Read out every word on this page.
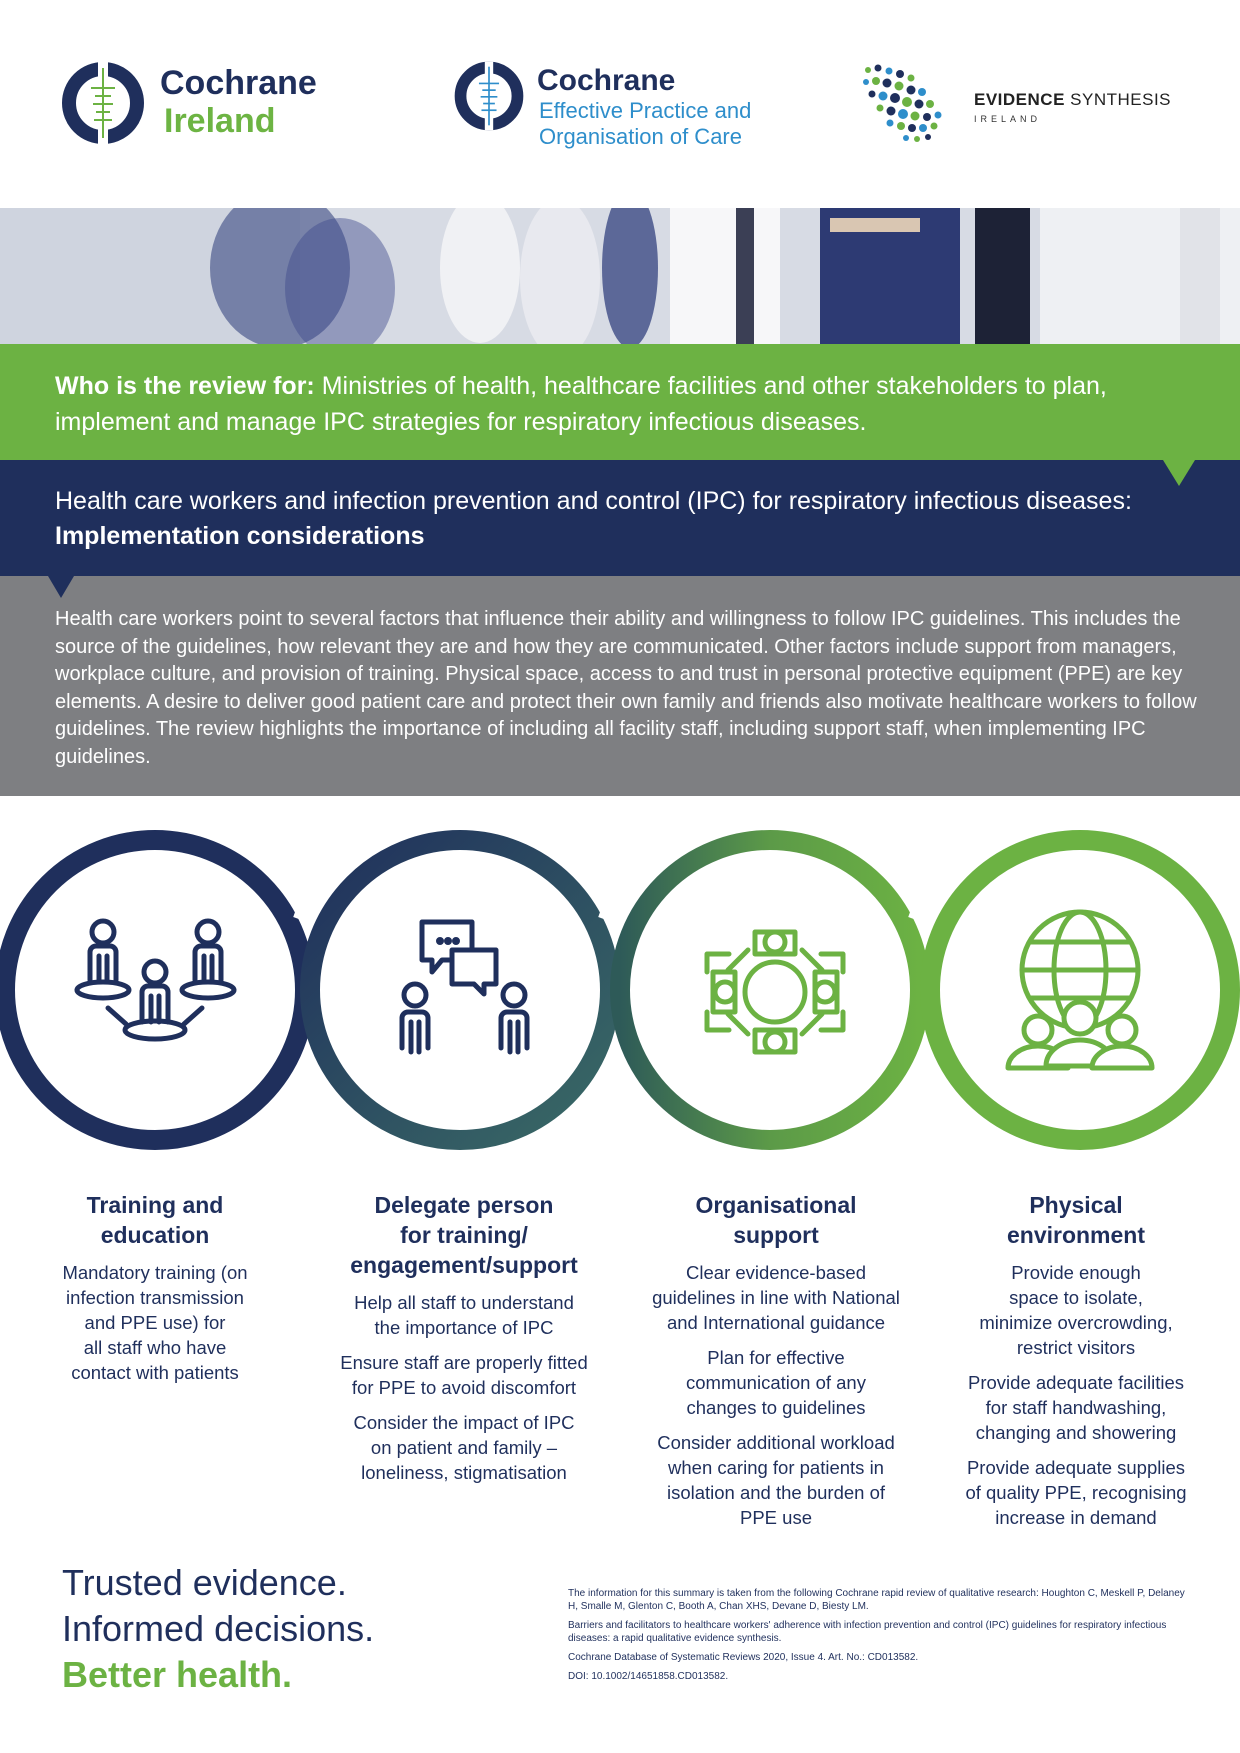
Cochrane
Ireland
Cochrane
Effective Practice and
Organisation of Care
EVIDENCE SYNTHESIS
IRELAND

Who is the review for: Ministries of health, healthcare facilities and other stakeholders to plan, implement and manage IPC strategies for respiratory infectious diseases.

Health care workers and infection prevention and control (IPC) for respiratory infectious diseases: Implementation considerations

Health care workers point to several factors that influence their ability and willingness to follow IPC guidelines. This includes the source of the guidelines, how relevant they are and how they are communicated. Other factors include support from managers, workplace culture, and provision of training. Physical space, access to and trust in personal protective equipment (PPE) are key elements. A desire to deliver good patient care and protect their own family and friends also motivate healthcare workers to follow guidelines. The review highlights the importance of including all facility staff, including support staff, when implementing IPC guidelines.

Training and
education

Mandatory training (on
infection transmission
and PPE use) for
all staff who have
contact with patients

Delegate person
for training/
engagement/support

Help all staff to understand
the importance of IPC

Ensure staff are properly fitted
for PPE to avoid discomfort

Consider the impact of IPC
on patient and family –
loneliness, stigmatisation

Organisational
support

Clear evidence-based
guidelines in line with National
and International guidance

Plan for effective
communication of any
changes to guidelines

Consider additional workload
when caring for patients in
isolation and the burden of
PPE use

Physical
environment

Provide enough
space to isolate,
minimize overcrowding,
restrict visitors

Provide adequate facilities
for staff handwashing,
changing and showering

Provide adequate supplies
of quality PPE, recognising
increase in demand

Trusted evidence.
Informed decisions.
Better health.

The information for this summary is taken from the following Cochrane rapid review of qualitative research: Houghton C, Meskell P, Delaney H, Smalle M, Glenton C, Booth A, Chan XHS, Devane D, Biesty LM.

Barriers and facilitators to healthcare workers' adherence with infection prevention and control (IPC) guidelines for respiratory infectious diseases: a rapid qualitative evidence synthesis.

Cochrane Database of Systematic Reviews 2020, Issue 4. Art. No.: CD013582.

DOI: 10.1002/14651858.CD013582.
